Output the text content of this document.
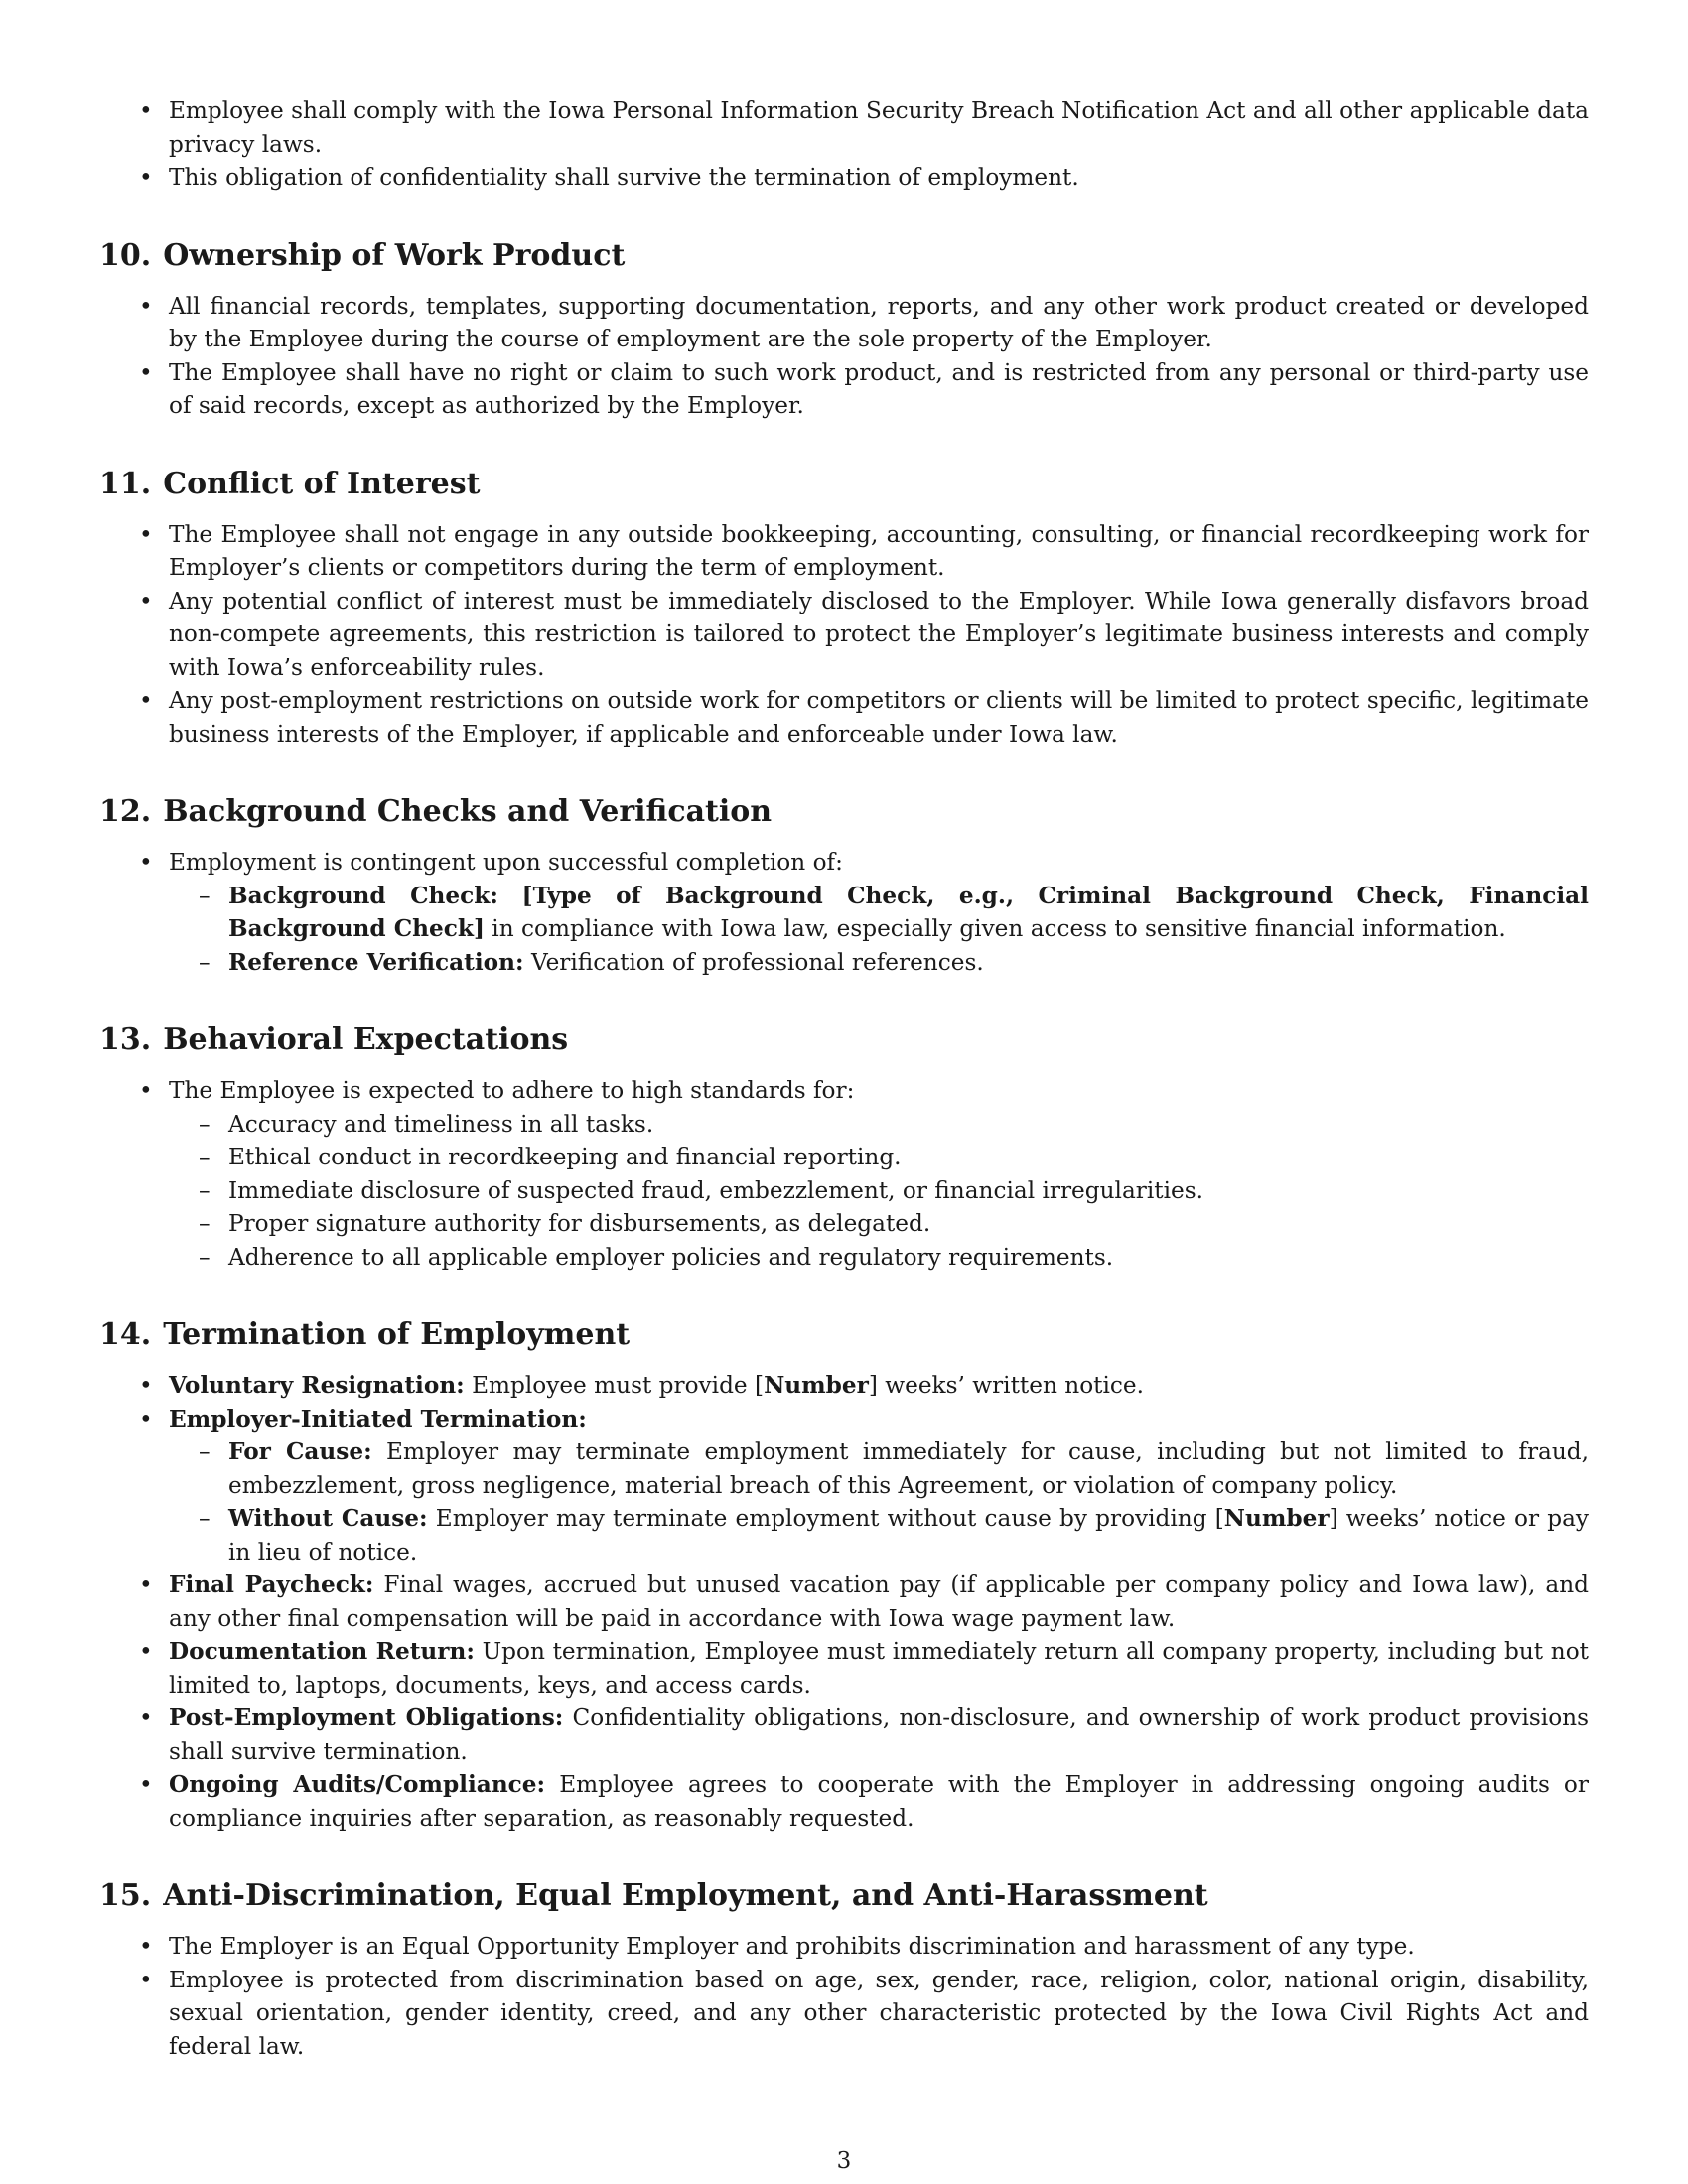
• Employee shall comply with the Iowa Personal Information Security Breach Notification Act and all other applicable data privacy laws.
• This obligation of confidentiality shall survive the termination of employment.
10. Ownership of Work Product
• All financial records, templates, supporting documentation, reports, and any other work product created or developed by the Employee during the course of employment are the sole property of the Employer.
• The Employee shall have no right or claim to such work product, and is restricted from any personal or third-party use of said records, except as authorized by the Employer.
11. Conflict of Interest
• The Employee shall not engage in any outside bookkeeping, accounting, consulting, or financial recordkeeping work for Employer’s clients or competitors during the term of employment.
• Any potential conflict of interest must be immediately disclosed to the Employer. While Iowa generally disfavors broad non-compete agreements, this restriction is tailored to protect the Employer’s legitimate business interests and comply with Iowa’s enforceability rules.
• Any post-employment restrictions on outside work for competitors or clients will be limited to protect specific, legitimate business interests of the Employer, if applicable and enforceable under Iowa law.
12. Background Checks and Verification
• Employment is contingent upon successful completion of:
– Background Check: [Type of Background Check, e.g., Criminal Background Check, Financial Background Check] in compliance with Iowa law, especially given access to sensitive financial information.
– Reference Verification: Verification of professional references.
13. Behavioral Expectations
• The Employee is expected to adhere to high standards for:
– Accuracy and timeliness in all tasks.
– Ethical conduct in recordkeeping and financial reporting.
– Immediate disclosure of suspected fraud, embezzlement, or financial irregularities.
– Proper signature authority for disbursements, as delegated.
– Adherence to all applicable employer policies and regulatory requirements.
14. Termination of Employment
• Voluntary Resignation: Employee must provide [Number] weeks’ written notice.
• Employer-Initiated Termination:
– For Cause: Employer may terminate employment immediately for cause, including but not limited to fraud, embezzlement, gross negligence, material breach of this Agreement, or violation of company policy.
– Without Cause: Employer may terminate employment without cause by providing [Number] weeks’ notice or pay in lieu of notice.
• Final Paycheck: Final wages, accrued but unused vacation pay (if applicable per company policy and Iowa law), and any other final compensation will be paid in accordance with Iowa wage payment law.
• Documentation Return: Upon termination, Employee must immediately return all company property, including but not limited to, laptops, documents, keys, and access cards.
• Post-Employment Obligations: Confidentiality obligations, non-disclosure, and ownership of work product provisions shall survive termination.
• Ongoing Audits/Compliance: Employee agrees to cooperate with the Employer in addressing ongoing audits or compliance inquiries after separation, as reasonably requested.
15. Anti-Discrimination, Equal Employment, and Anti-Harassment
• The Employer is an Equal Opportunity Employer and prohibits discrimination and harassment of any type.
• Employee is protected from discrimination based on age, sex, gender, race, religion, color, national origin, disability, sexual orientation, gender identity, creed, and any other characteristic protected by the Iowa Civil Rights Act and federal law.
3
